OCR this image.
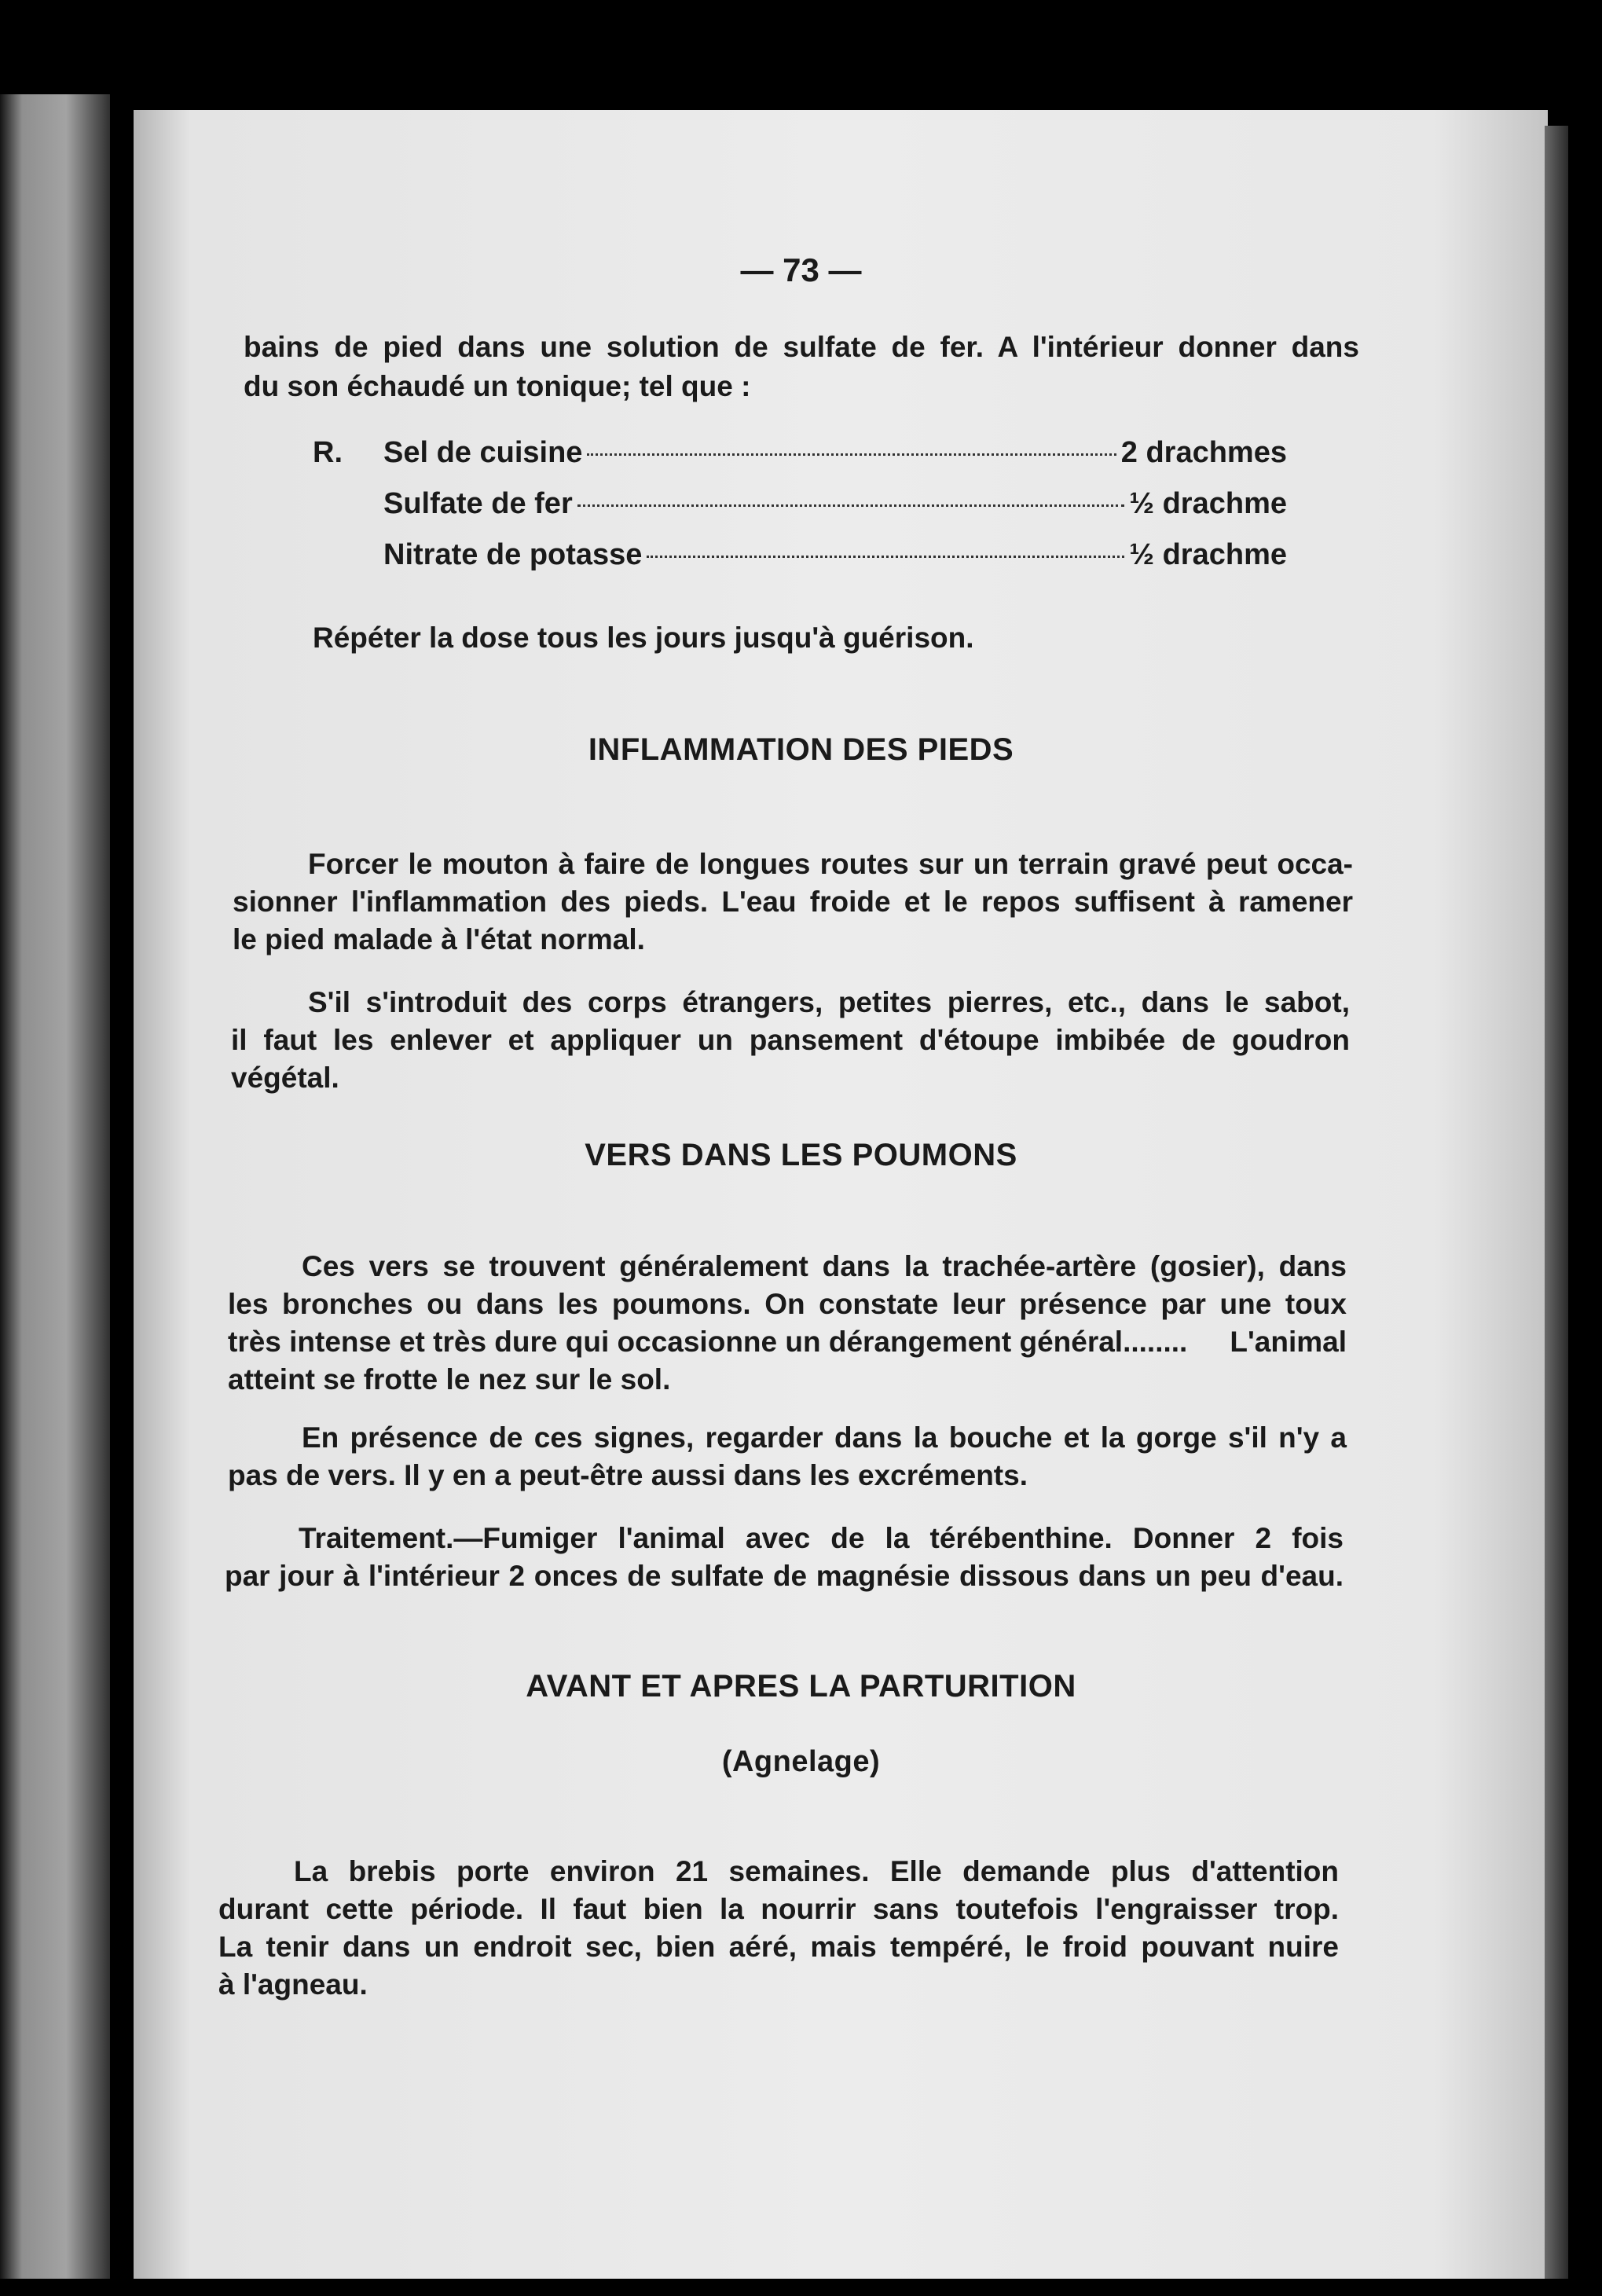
— 73 —
bains de pied dans une solution de sulfate de fer. A l'intérieur donner dans
du son échaudé un tonique; tel que :
R. Sel de cuisine	2 drachmes
Sulfate de fer	½ drachme
Nitrate de potasse	½ drachme
Répéter la dose tous les jours jusqu'à guérison.
INFLAMMATION DES PIEDS
Forcer le mouton à faire de longues routes sur un terrain gravé peut occa-
sionner l'inflammation des pieds. L'eau froide et le repos suffisent à ramener
le pied malade à l'état normal.
S'il s'introduit des corps étrangers, petites pierres, etc., dans le sabot,
il faut les enlever et appliquer un pansement d'étoupe imbibée de goudron
végétal.
VERS DANS LES POUMONS
Ces vers se trouvent généralement dans la trachée-artère (gosier), dans
les bronches ou dans les poumons. On constate leur présence par une toux
très intense et très dure qui occasionne un dérangement général ........ L'animal
atteint se frotte le nez sur le sol.
En présence de ces signes, regarder dans la bouche et la gorge s'il n'y a
pas de vers. Il y en a peut-être aussi dans les excréments.
Traitement. —Fumiger l'animal avec de la térébenthine. Donner 2 fois
par jour à l'intérieur 2 onces de sulfate de magnésie dissous dans un peu d'eau.
AVANT ET APRES LA PARTURITION
(Agnelage)
La brebis porte environ 21 semaines. Elle demande plus d'attention
durant cette période. Il faut bien la nourrir sans toutefois l'engraisser trop.
La tenir dans un endroit sec, bien aéré, mais tempéré, le froid pouvant nuire
à l'agneau.
